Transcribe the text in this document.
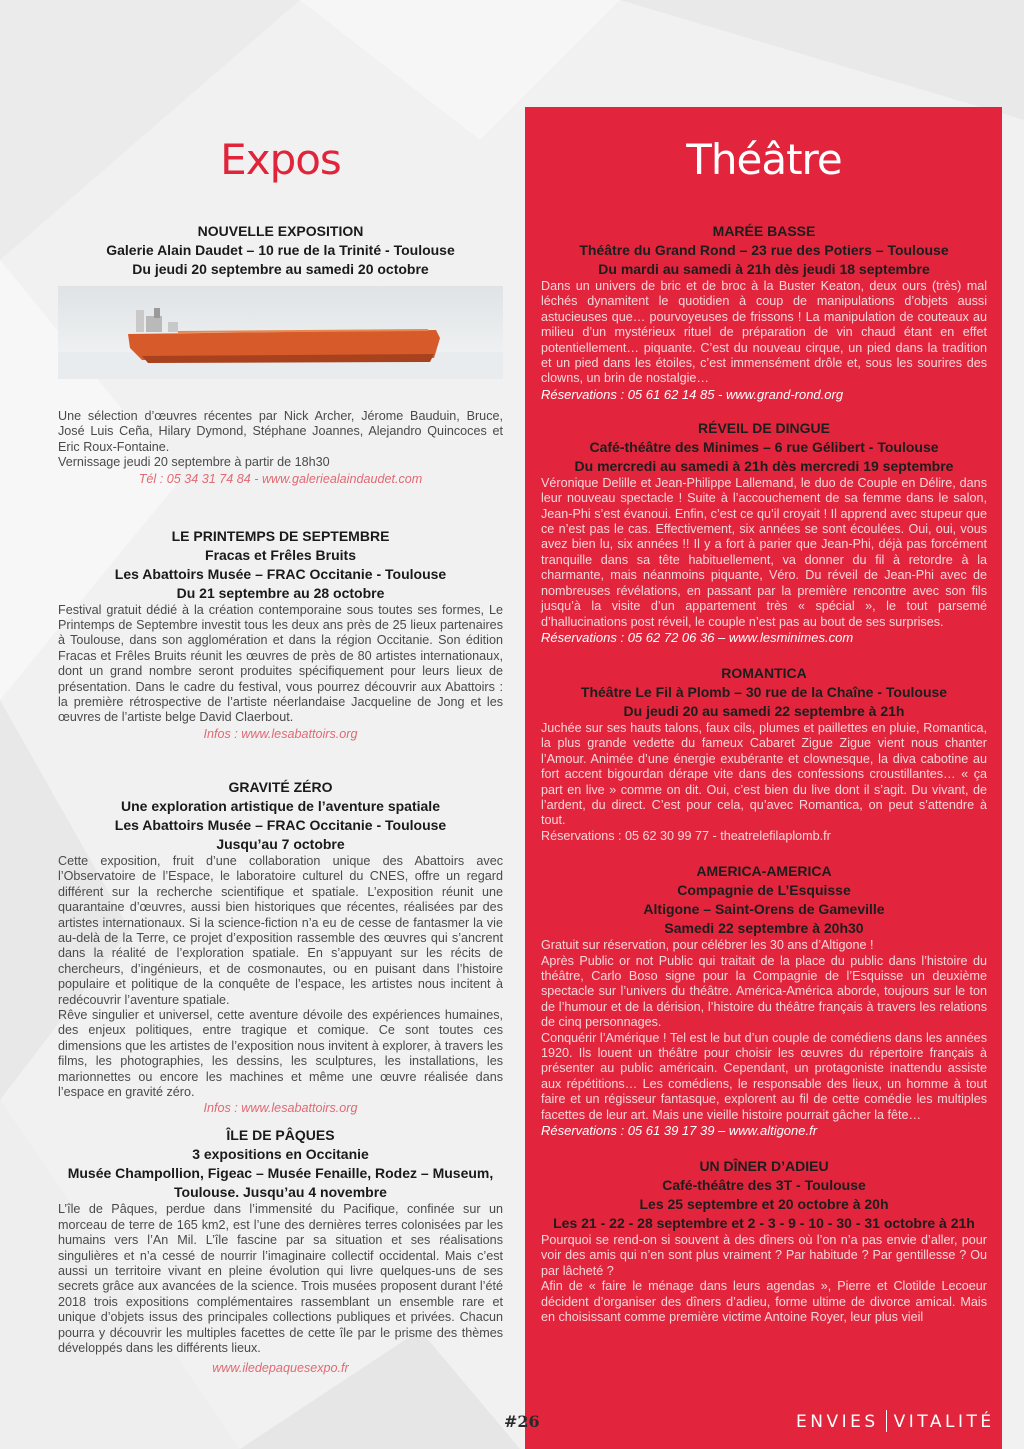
Expos
NOUVELLE EXPOSITION
Galerie Alain Daudet – 10 rue de la Trinité - Toulouse
Du jeudi 20 septembre au samedi 20 octobre
Une sélection d’œuvres récentes par Nick Archer, Jérome Bauduin, Bruce, José Luis Ceña, Hilary Dymond, Stéphane Joannes, Alejandro Quincoces et Eric Roux-Fontaine.
Vernissage jeudi 20 septembre à partir de 18h30
Tél : 05 34 31 74 84 - www.galeriealaindaudet.com
LE PRINTEMPS DE SEPTEMBRE
Fracas et Frêles Bruits
Les Abattoirs Musée – FRAC Occitanie - Toulouse
Du 21 septembre au 28 octobre
Festival gratuit dédié à la création contemporaine sous toutes ses formes, Le Printemps de Septembre investit tous les deux ans près de 25 lieux partenaires à Toulouse, dans son agglomération et dans la région Occitanie. Son édition Fracas et Frêles Bruits réunit les œuvres de près de 80 artistes internationaux, dont un grand nombre seront produites spécifiquement pour leurs lieux de présentation. Dans le cadre du festival, vous pourrez découvrir aux Abattoirs : la première rétrospective de l’artiste néerlandaise Jacqueline de Jong et les œuvres de l’artiste belge David Claerbout.
Infos : www.lesabattoirs.org
GRAVITÉ ZÉRO
Une exploration artistique de l’aventure spatiale
Les Abattoirs Musée – FRAC Occitanie - Toulouse
Jusqu’au 7 octobre
Cette exposition, fruit d’une collaboration unique des Abattoirs avec l’Observatoire de l’Espace, le laboratoire culturel du CNES, offre un regard différent sur la recherche scientifique et spatiale. L’exposition réunit une quarantaine d’œuvres, aussi bien historiques que récentes, réalisées par des artistes internationaux. Si la science-fiction n’a eu de cesse de fantasmer la vie au-delà de la Terre, ce projet d’exposition rassemble des œuvres qui s’ancrent dans la réalité de l’exploration spatiale. En s’appuyant sur les récits de chercheurs, d’ingénieurs, et de cosmonautes, ou en puisant dans l’histoire populaire et politique de la conquête de l’espace, les artistes nous incitent à redécouvrir l’aventure spatiale.
Rêve singulier et universel, cette aventure dévoile des expériences humaines, des enjeux politiques, entre tragique et comique. Ce sont toutes ces dimensions que les artistes de l’exposition nous invitent à explorer, à travers les films, les photographies, les dessins, les sculptures, les installations, les marionnettes ou encore les machines et même une œuvre réalisée dans l’espace en gravité zéro.
Infos : www.lesabattoirs.org
ÎLE DE PÂQUES
3 expositions en Occitanie
Musée Champollion, Figeac – Musée Fenaille, Rodez – Museum, Toulouse. Jusqu’au 4 novembre
L’île de Pâques, perdue dans l’immensité du Pacifique, confinée sur un morceau de terre de 165 km2, est l’une des dernières terres colonisées par les humains vers l’An Mil. L’île fascine par sa situation et ses réalisations singulières et n’a cessé de nourrir l’imaginaire collectif occidental. Mais c’est aussi un territoire vivant en pleine évolution qui livre quelques-uns de ses secrets grâce aux avancées de la science. Trois musées proposent durant l’été 2018 trois expositions complémentaires rassemblant un ensemble rare et unique d’objets issus des principales collections publiques et privées. Chacun pourra y découvrir les multiples facettes de cette île par le prisme des thèmes développés dans les différents lieux.
www.iledepaquesexpo.fr
Théâtre
MARÉE BASSE
Théâtre du Grand Rond – 23 rue des Potiers – Toulouse
Du mardi au samedi à 21h dès jeudi 18 septembre
Dans un univers de bric et de broc à la Buster Keaton, deux ours (très) mal léchés dynamitent le quotidien à coup de manipulations d’objets aussi astucieuses que… pourvoyeuses de frissons ! La manipulation de couteaux au milieu d’un mystérieux rituel de préparation de vin chaud étant en effet potentiellement… piquante. C’est du nouveau cirque, un pied dans la tradition et un pied dans les étoiles, c’est immensément drôle et, sous les sourires des clowns, un brin de nostalgie…
Réservations : 05 61 62 14 85 - www.grand-rond.org
RÉVEIL DE DINGUE
Café-théâtre des Minimes – 6 rue Gélibert - Toulouse
Du mercredi au samedi à 21h dès mercredi 19 septembre
Véronique Delille et Jean-Philippe Lallemand, le duo de Couple en Délire, dans leur nouveau spectacle ! Suite à l’accouchement de sa femme dans le salon, Jean-Phi s’est évanoui. Enfin, c’est ce qu’il croyait ! Il apprend avec stupeur que ce n’est pas le cas. Effectivement, six années se sont écoulées. Oui, oui, vous avez bien lu, six années !! Il y a fort à parier que Jean-Phi, déjà pas forcément tranquille dans sa tête habituellement, va donner du fil à retordre à la charmante, mais néanmoins piquante, Véro. Du réveil de Jean-Phi avec de nombreuses révélations, en passant par la première rencontre avec son fils jusqu’à la visite d’un appartement très « spécial », le tout parsemé d’hallucinations post réveil, le couple n’est pas au bout de ses surprises.
Réservations : 05 62 72 06 36 – www.lesminimes.com
ROMANTICA
Théâtre Le Fil à Plomb – 30 rue de la Chaîne - Toulouse
Du jeudi 20 au samedi 22 septembre à 21h
Juchée sur ses hauts talons, faux cils, plumes et paillettes en pluie, Romantica, la plus grande vedette du fameux Cabaret Zigue Zigue vient nous chanter l’Amour. Animée d’une énergie exubérante et clownesque, la diva cabotine au fort accent bigourdan dérape vite dans des confessions croustillantes… « ça part en live » comme on dit. Oui, c’est bien du live dont il s’agit. Du vivant, de l’ardent, du direct. C’est pour cela, qu’avec Romantica, on peut s’attendre à tout.
Réservations : 05 62 30 99 77 - theatrelefilaplomb.fr
AMERICA-AMERICA
Compagnie de L’Esquisse
Altigone – Saint-Orens de Gameville
Samedi 22 septembre à 20h30
Gratuit sur réservation, pour célébrer les 30 ans d’Altigone !
Après Public or not Public qui traitait de la place du public dans l’histoire du théâtre, Carlo Boso signe pour la Compagnie de l’Esquisse un deuxième spectacle sur l’univers du théâtre. América-América aborde, toujours sur le ton de l’humour et de la dérision, l’histoire du théâtre français à travers les relations de cinq personnages.
Conquérir l’Amérique ! Tel est le but d’un couple de comédiens dans les années 1920. Ils louent un théâtre pour choisir les œuvres du répertoire français à présenter au public américain. Cependant, un protagoniste inattendu assiste aux répétitions… Les comédiens, le responsable des lieux, un homme à tout faire et un régisseur fantasque, explorent au fil de cette comédie les multiples facettes de leur art. Mais une vieille histoire pourrait gâcher la fête…
Réservations : 05 61 39 17 39 – www.altigone.fr
UN DÎNER D’ADIEU
Café-théâtre des 3T - Toulouse
Les 25 septembre et 20 octobre à 20h
Les 21 - 22 - 28 septembre et 2 - 3 - 9 - 10 - 30 - 31 octobre à 21h
Pourquoi se rend-on si souvent à des dîners où l’on n’a pas envie d’aller, pour voir des amis qui n’en sont plus vraiment ? Par habitude ? Par gentillesse ? Ou par lâcheté ?
Afin de « faire le ménage dans leurs agendas », Pierre et Clotilde Lecoeur décident d’organiser des dîners d’adieu, forme ultime de divorce amical. Mais en choisissant comme première victime Antoine Royer, leur plus vieil
#26	ENVIES VITALITÉ
